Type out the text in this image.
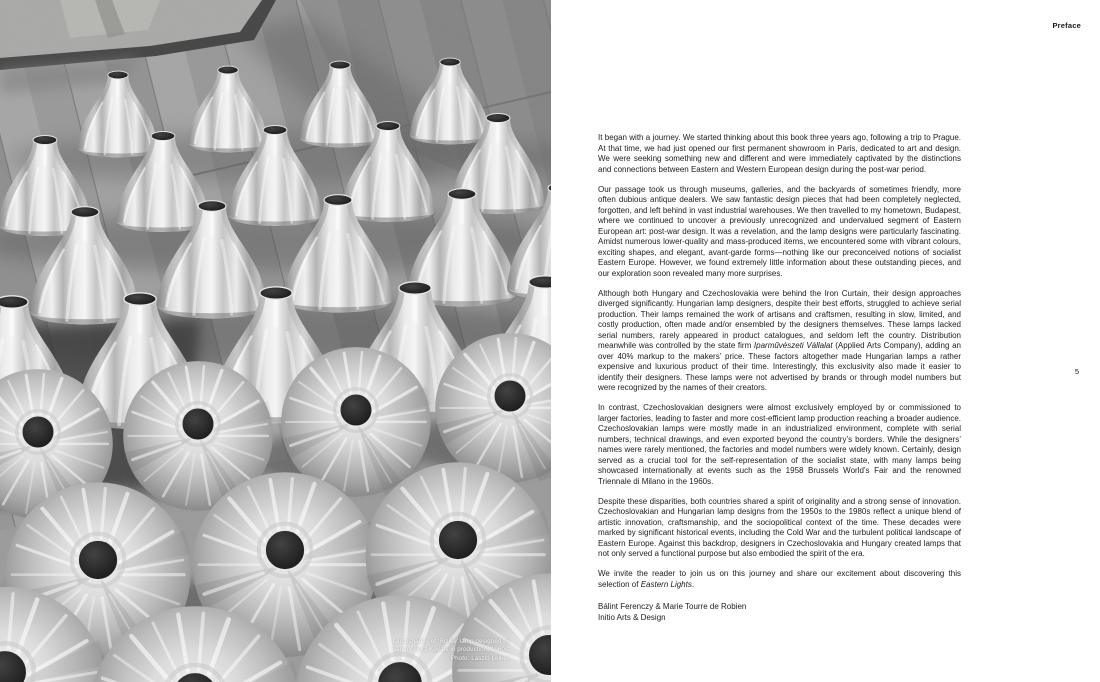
Lampshades of ‘Rizike’ lamp designed by
Sándor Borz Kováts in production, 1960s.
Photo: László Lelkes
Preface
5

It began with a journey. We started thinking about this book three years ago, following a trip to Prague. At that time, we had just opened our first permanent showroom in Paris, dedicated to art and design. We were seeking something new and different and were immediately captivated by the distinctions and connections between Eastern and Western European design during the post-war period.

Our passage took us through museums, galleries, and the backyards of sometimes friendly, more often dubious antique dealers. We saw fantastic design pieces that had been completely neglected, forgotten, and left behind in vast industrial warehouses. We then travelled to my hometown, Budapest, where we continued to uncover a previously unrecognized and undervalued segment of Eastern European art: post-war design. It was a revelation, and the lamp designs were particularly fascinating. Amidst numerous lower-quality and mass-produced items, we encountered some with vibrant colours, exciting shapes, and elegant, avant-garde forms—nothing like our preconceived notions of socialist Eastern Europe. However, we found extremely little information about these outstanding pieces, and our exploration soon revealed many more surprises.

Although both Hungary and Czechoslovakia were behind the Iron Curtain, their design approaches diverged significantly. Hungarian lamp designers, despite their best efforts, struggled to achieve serial production. Their lamps remained the work of artisans and craftsmen, resulting in slow, limited, and costly production, often made and/or ensembled by the designers themselves. These lamps lacked serial numbers, rarely appeared in product catalogues, and seldom left the country. Distribution meanwhile was controlled by the state firm Iparművészeti Vállalat (Applied Arts Company), adding an over 40% markup to the makers’ price. These factors altogether made Hungarian lamps a rather expensive and luxurious product of their time. Interestingly, this exclusivity also made it easier to identify their designers. These lamps were not advertised by brands or through model numbers but were recognized by the names of their creators.

In contrast, Czechoslovakian designers were almost exclusively employed by or commissioned to larger factories, leading to faster and more cost-efficient lamp production reaching a broader audience. Czechoslovakian lamps were mostly made in an industrialized environment, complete with serial numbers, technical drawings, and even exported beyond the country’s borders. While the designers’ names were rarely mentioned, the factories and model numbers were widely known. Certainly, design served as a crucial tool for the self-representation of the socialist state, with many lamps being showcased internationally at events such as the 1958 Brussels World’s Fair and the renowned Triennale di Milano in the 1960s.

Despite these disparities, both countries shared a spirit of originality and a strong sense of innovation. Czechoslovakian and Hungarian lamp designs from the 1950s to the 1980s reflect a unique blend of artistic innovation, craftsmanship, and the sociopolitical context of the time. These decades were marked by significant historical events, including the Cold War and the turbulent political landscape of Eastern Europe. Against this backdrop, designers in Czechoslovakia and Hungary created lamps that not only served a functional purpose but also embodied the spirit of the era.

We invite the reader to join us on this journey and share our excitement about discovering this selection of Eastern Lights.

Bálint Ferenczy & Marie Tourre de Robien
Initio Arts & Design
